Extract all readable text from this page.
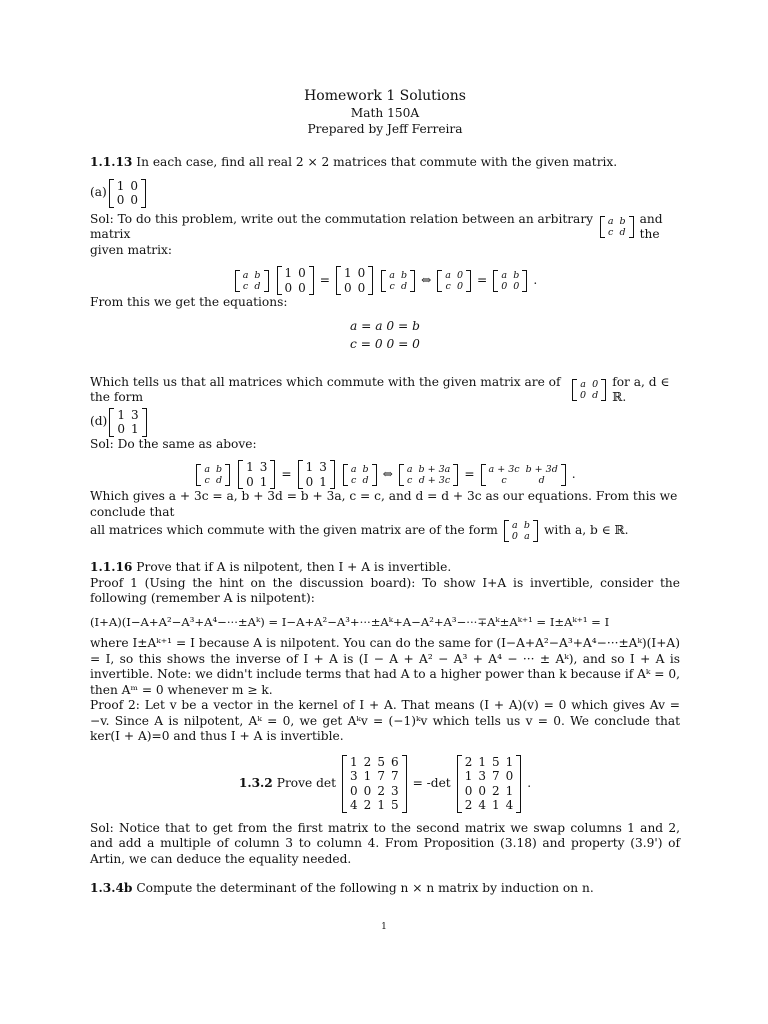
Homework 1 Solutions
Math 150A
Prepared by Jeff Ferreira

1.1.13 In each case, find all real 2 × 2 matrices that commute with the given matrix.

(a) 1	0
0	0
Sol: To do this problem, write out the commutation relation between an arbitrary matrix
a	b
c	d
and the

given matrix:

a	b
c	d
1	0
0	0
= 1	0
0	0
a	b
c	d ⇔ a	0
c	0 = a	b
0	0 .

From this we get the equations:

a = a 0 = b
c = 0 0 = 0
Which tells us that all matrices which commute with the given matrix are of the form
a	0
0	d
for a, d ∈ ℝ.
(d) 1	3
0	1

Sol: Do the same as above:

a	b
c	d
1	3
0	1
= 1	3
0	1
a	b
c	d ⇔ a	b + 3a
c	d + 3c = a + 3c	b + 3d
c	d .

Which gives a + 3c = a, b + 3d = b + 3a, c = c, and d = d + 3c as our equations. From this we conclude that

all matrices which commute with the given matrix are of the form a	b
0	a with a, b ∈ ℝ.

1.1.16 Prove that if A is nilpotent, then I + A is invertible.

Proof 1 (Using the hint on the discussion board): To show I+A is invertible, consider the following (remember A is nilpotent):

(I+A)(I−A+A²−A³+A⁴−···±Aᵏ) = I−A+A²−A³+···±Aᵏ+A−A²+A³−···∓Aᵏ±Aᵏ⁺¹ = I±Aᵏ⁺¹ = I

where I±Aᵏ⁺¹ = I because A is nilpotent. You can do the same for (I−A+A²−A³+A⁴−···±Aᵏ)(I+A) = I, so this shows the inverse of I + A is (I − A + A² − A³ + A⁴ − ··· ± Aᵏ), and so I + A is invertible. Note: we didn't include terms that had A to a higher power than k because if Aᵏ = 0, then Aᵐ = 0 whenever m ≥ k.

Proof 2: Let v be a vector in the kernel of I + A. That means (I + A)(v) = 0 which gives Av = −v. Since A is nilpotent, Aᵏ = 0, we get Aᵏv = (−1)ᵏv which tells us v = 0. We conclude that ker(I + A)=0 and thus I + A is invertible.

1.3.2 Prove det
1	2	5	6
3	1	7	7
0	0	2	3
4	2	1	5
= -det
2	1	5	1
1	3	7	0
0	0	2	1
2	4	1	4
.

Sol: Notice that to get from the first matrix to the second matrix we swap columns 1 and 2, and add a multiple of column 3 to column 4. From Proposition (3.18) and property (3.9') of Artin, we can deduce the equality needed.

1.3.4b Compute the determinant of the following n × n matrix by induction on n.

1
